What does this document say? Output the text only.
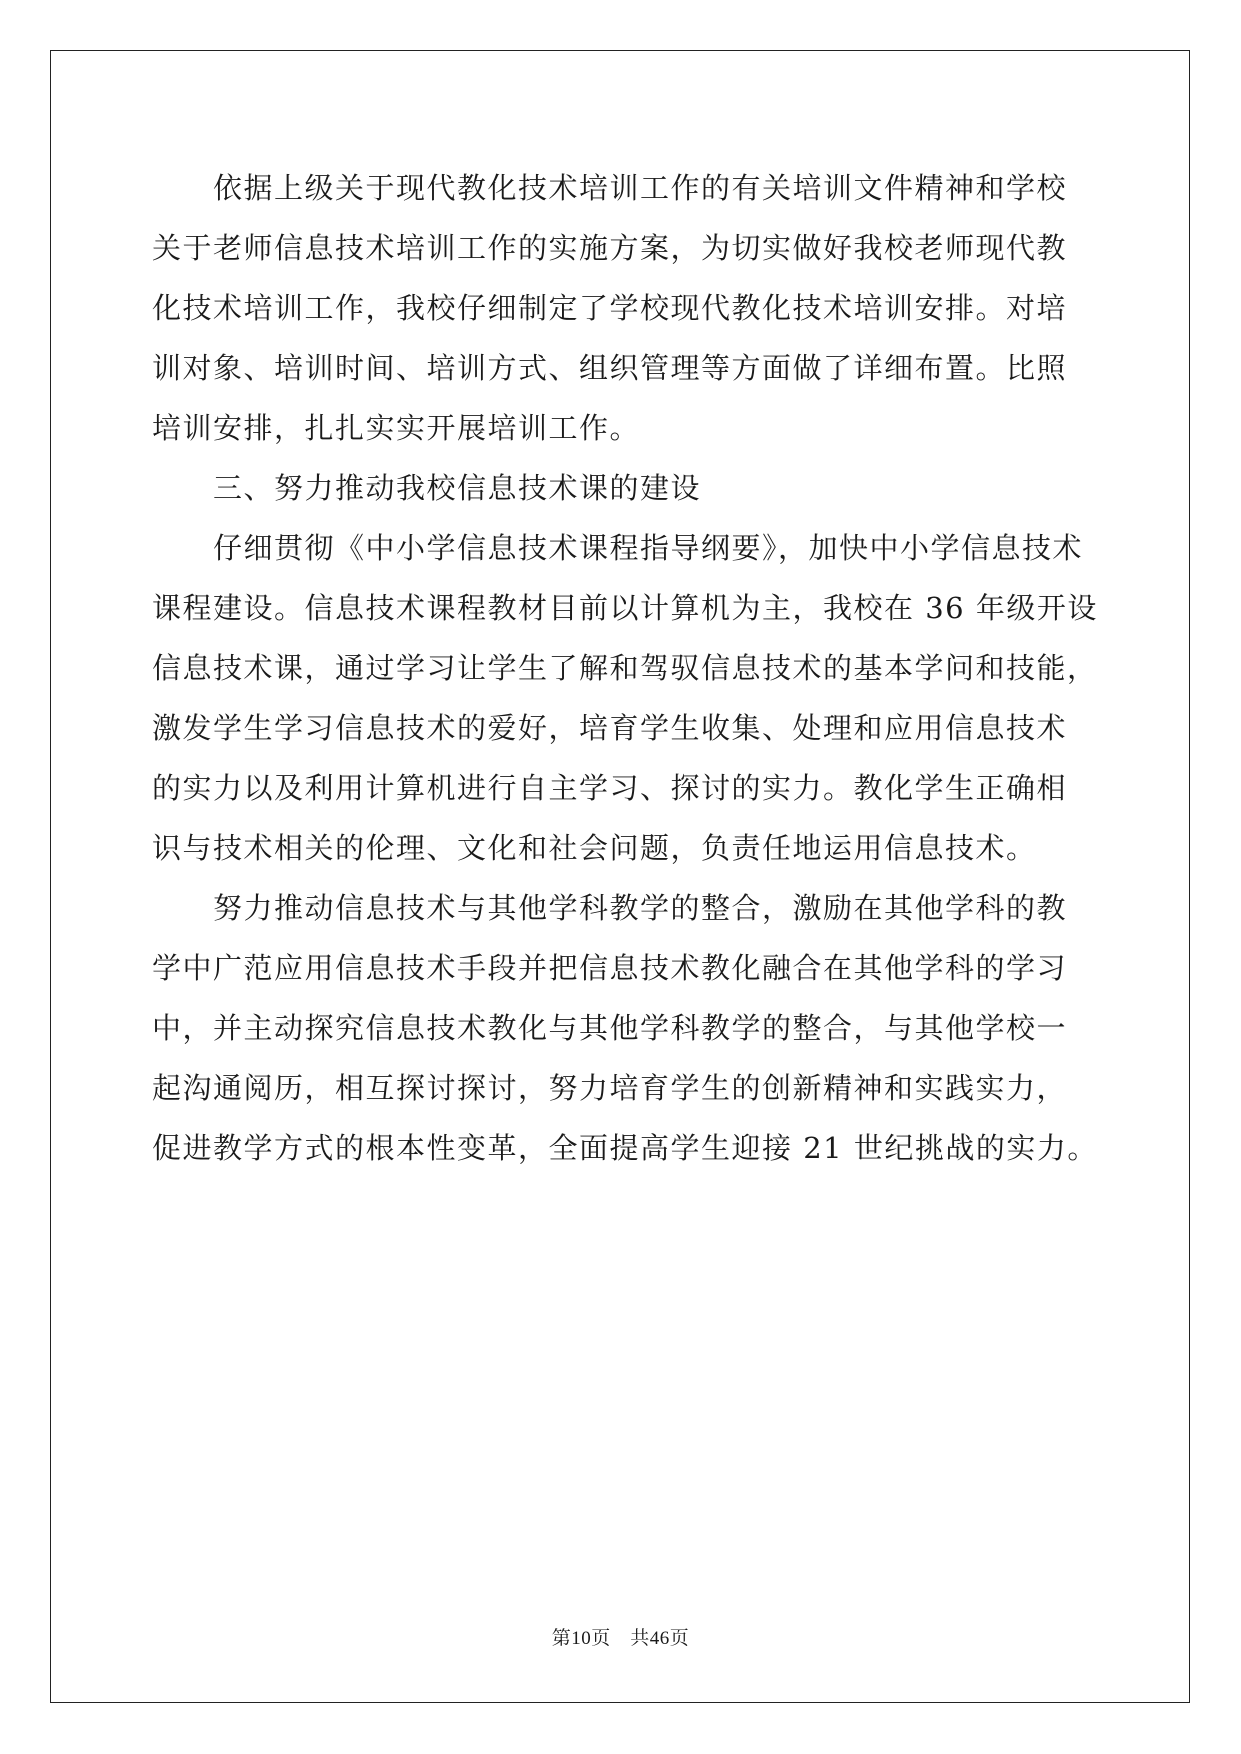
　　依据上级关于现代教化技术培训工作的有关培训文件精神和学校
关于老师信息技术培训工作的实施方案，为切实做好我校老师现代教
化技术培训工作，我校仔细制定了学校现代教化技术培训安排。对培
训对象、培训时间、培训方式、组织管理等方面做了详细布置。比照
培训安排，扎扎实实开展培训工作。
　　三、努力推动我校信息技术课的建设
　　仔细贯彻《中小学信息技术课程指导纲要》，加快中小学信息技术
课程建设。信息技术课程教材目前以计算机为主，我校在 36 年级开设
信息技术课，通过学习让学生了解和驾驭信息技术的基本学问和技能，
激发学生学习信息技术的爱好，培育学生收集、处理和应用信息技术
的实力以及利用计算机进行自主学习、探讨的实力。教化学生正确相
识与技术相关的伦理、文化和社会问题，负责任地运用信息技术。
　　努力推动信息技术与其他学科教学的整合，激励在其他学科的教
学中广范应用信息技术手段并把信息技术教化融合在其他学科的学习
中，并主动探究信息技术教化与其他学科教学的整合，与其他学校一
起沟通阅历，相互探讨探讨，努力培育学生的创新精神和实践实力，
促进教学方式的根本性变革，全面提高学生迎接 21 世纪挑战的实力。
第10页　共46页
